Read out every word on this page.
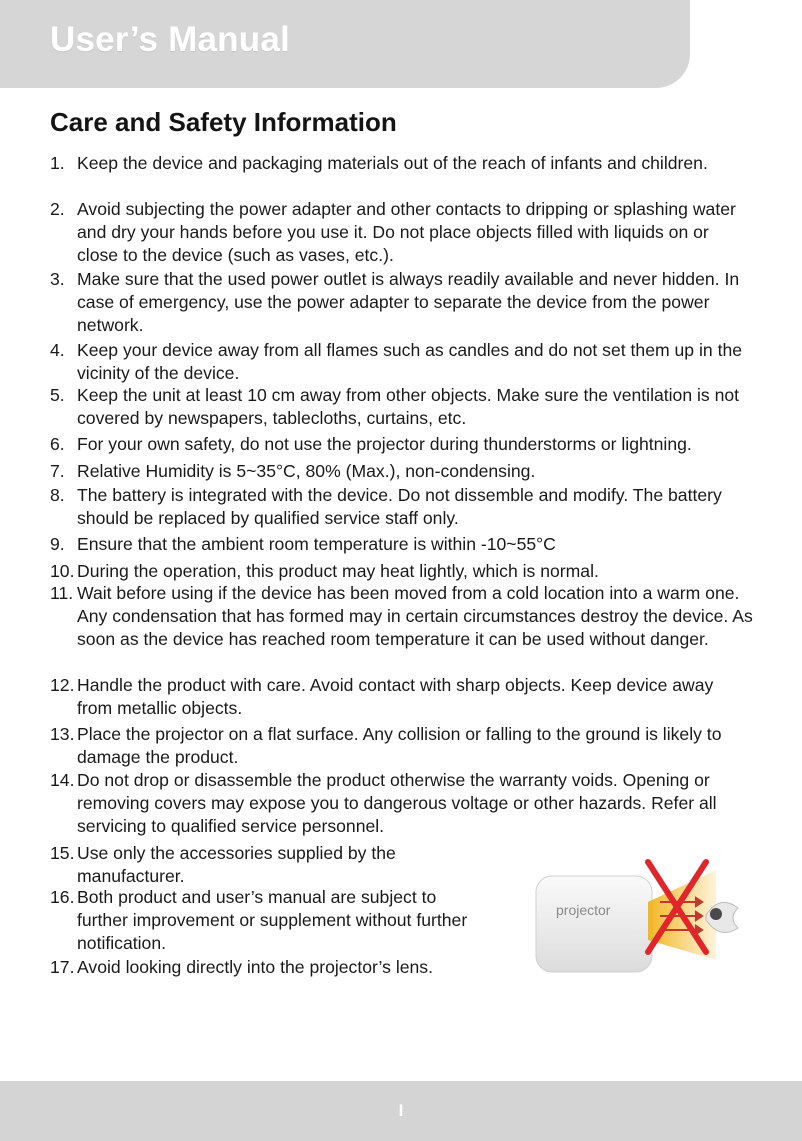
User’s Manual
Care and Safety Information
1. Keep the device and packaging materials out of the reach of infants and children.
2. Avoid subjecting the power adapter and other contacts to dripping or splashing water and dry your hands before you use it. Do not place objects filled with liquids on or close to the device (such as vases, etc.).
3. Make sure that the used power outlet is always readily available and never hidden. In case of emergency, use the power adapter to separate the device from the power network.
4. Keep your device away from all flames such as candles and do not set them up in the vicinity of the device.
5. Keep the unit at least 10 cm away from other objects. Make sure the ventilation is not covered by newspapers, tablecloths, curtains, etc.
6. For your own safety, do not use the projector during thunderstorms or lightning.
7. Relative Humidity is 5~35°C, 80% (Max.), non-condensing.
8. The battery is integrated with the device. Do not dissemble and modify. The battery should be replaced by qualified service staff only.
9. Ensure that the ambient room temperature is within -10~55°C
10. During the operation, this product may heat lightly, which is normal.
11. Wait before using if the device has been moved from a cold location into a warm one. Any condensation that has formed may in certain circumstances destroy the device. As soon as the device has reached room temperature it can be used without danger.
12. Handle the product with care. Avoid contact with sharp objects. Keep device away from metallic objects.
13. Place the projector on a flat surface. Any collision or falling to the ground is likely to damage the product.
14. Do not drop or disassemble the product otherwise the warranty voids. Opening or removing covers may expose you to dangerous voltage or other hazards. Refer all servicing to qualified service personnel.
15. Use only the accessories supplied by the manufacturer.
16. Both product and user’s manual are subject to further improvement or supplement without further notification.
17. Avoid looking directly into the projector’s lens.
projector
I
